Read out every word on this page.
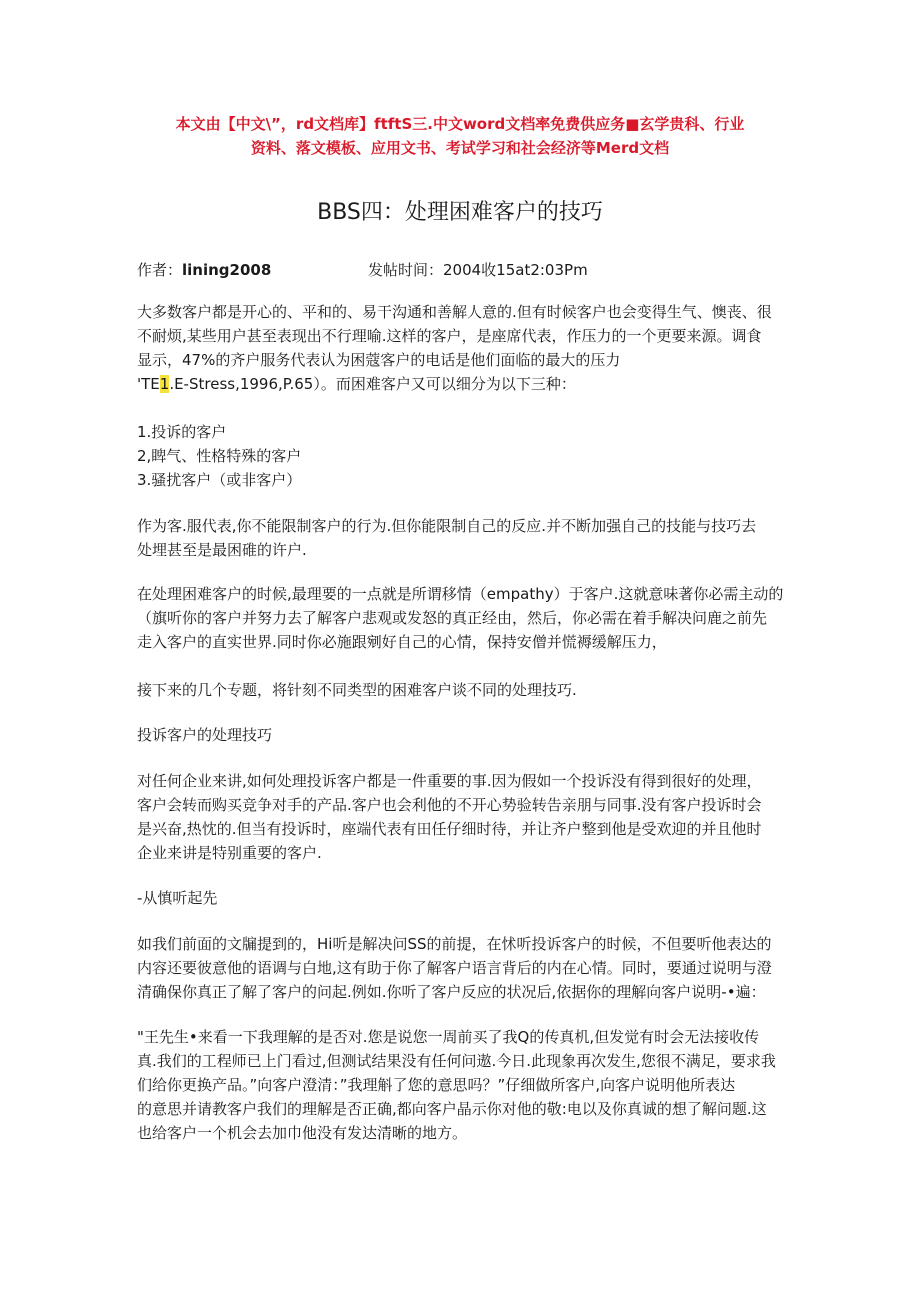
本文由【中文\”，rd文档库】ftftS三.中文word文档率免费供应务■玄学贵科、行业
资料、落文模板、应用文书、考试学习和社会经济等Merd文档
BBS四：处理困难客户的技巧
作者：lining2008	发帖时间：2004收15at2:03Pm
大多数客户都是开心的、平和的、易干沟通和善解人意的.但有时候客户也会变得生气、懊丧、很
不耐烦,某些用户甚至表现出不行理喻.这样的客户，是座席代表，作压力的一个更要来源。调食
显示，47%的齐户服务代表认为困蔻客户的电话是他们面临的最大的压力
'TE1.E-Stress,1996,P.65）。而困难客户又可以细分为以下三种：
1.投诉的客户
2,睥气、性格特殊的客户
3.骚扰客户（或非客户）
作为客.服代表,你不能限制客户的行为.但你能限制自己的反应.并不断加强自己的技能与技巧去
处埋甚至是最困碓的许户.
在处理困难客户的时候,最理要的一点就是所谓移情（empathy）于客户.这就意味著你必需主动的
（旗听你的客户并努力去了解客户悲观或发怒的真正经由，然后，你必需在着手解决问鹿之前先
走入客户的直实世界.同时你必施跟剜好自己的心情，保持安僧并慌褥缓解压力，
接下来的几个专题，将针刻不同类型的困难客户谈不同的处理技巧.
投诉客户的处理技巧
对任何企业来讲,如何处理投诉客户都是一件重要的事.因为假如一个投诉没有得到很好的处理，
客户会转而购买竞争对手的产品.客户也会利他的不开心势验转告亲朋与同事.没有客户投诉时会
是兴奋,热忱的.但当有投诉时，座端代表有田任仔细时待，并让齐户整到他是受欢迎的并且他时
企业来讲是特别重要的客户.
-从慎听起先
如我们前面的文牖提到的，Hi听是解决问SS的前提，在怵听投诉客户的时候，不但要听他表达的
内容还要彼意他的语调与白地,这有助于你了解客户语言背后的内在心情。同时，要通过说明与澄
清确保你真正了解了客户的问起.例如.你听了客户反应的状况后,依据你的理解向客户说明-•遍：
"王先生•来看一下我理解的是否对.您是说您一周前买了我Q的传真机,但发觉有时会无法接收传
真.我们的工程师已上门看过,但测试结果没有任何问遨.今日.此现象再次发生,您很不满足，要求我
们给你更换产品。”向客户澄清：”我理斛了您的意思吗？”仔细做所客户,向客户说明他所表达
的意思并请教客户我们的理解是否正确,都向客户晶示你对他的敬:电以及你真诚的想了解问题.这
也给客户一个机会去加巾他没有发达清晰的地方。
